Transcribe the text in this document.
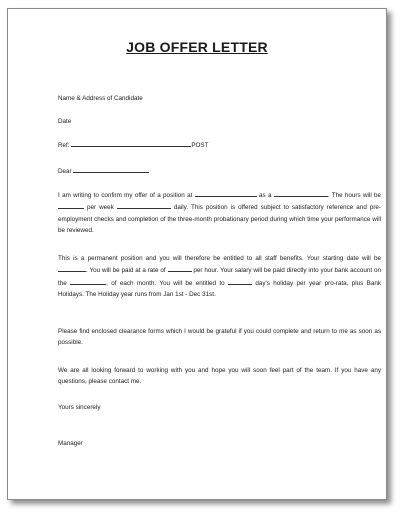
JOB OFFER LETTER
Name & Address of Candidate
Date
Ref:	POST
Dear
I am writing to confirm my offer of a position at	as a	. The hours will be  per week	daily. This position is offered subject to satisfactory reference and pre-employment checks and completion of the three-month probationary period during which time your performance will be reviewed.
This is a permanent position and you will therefore be entitled to all staff benefits. Your starting date will be . You will be paid at a rate of	per hour. Your salary will be paid directly into your bank account on the	, of each month. You will be entitled to	day's holiday per year pro-rata, plus Bank Holidays. The Holiday year runs from Jan 1st - Dec 31st.
Please find enclosed clearance forms which I would be grateful if you could complete and return to me as soon as possible.
We are all looking forward to working with you and hope you will soon feel part of the team. If you have any questions, please contact me.
Yours sincerely
Manager
